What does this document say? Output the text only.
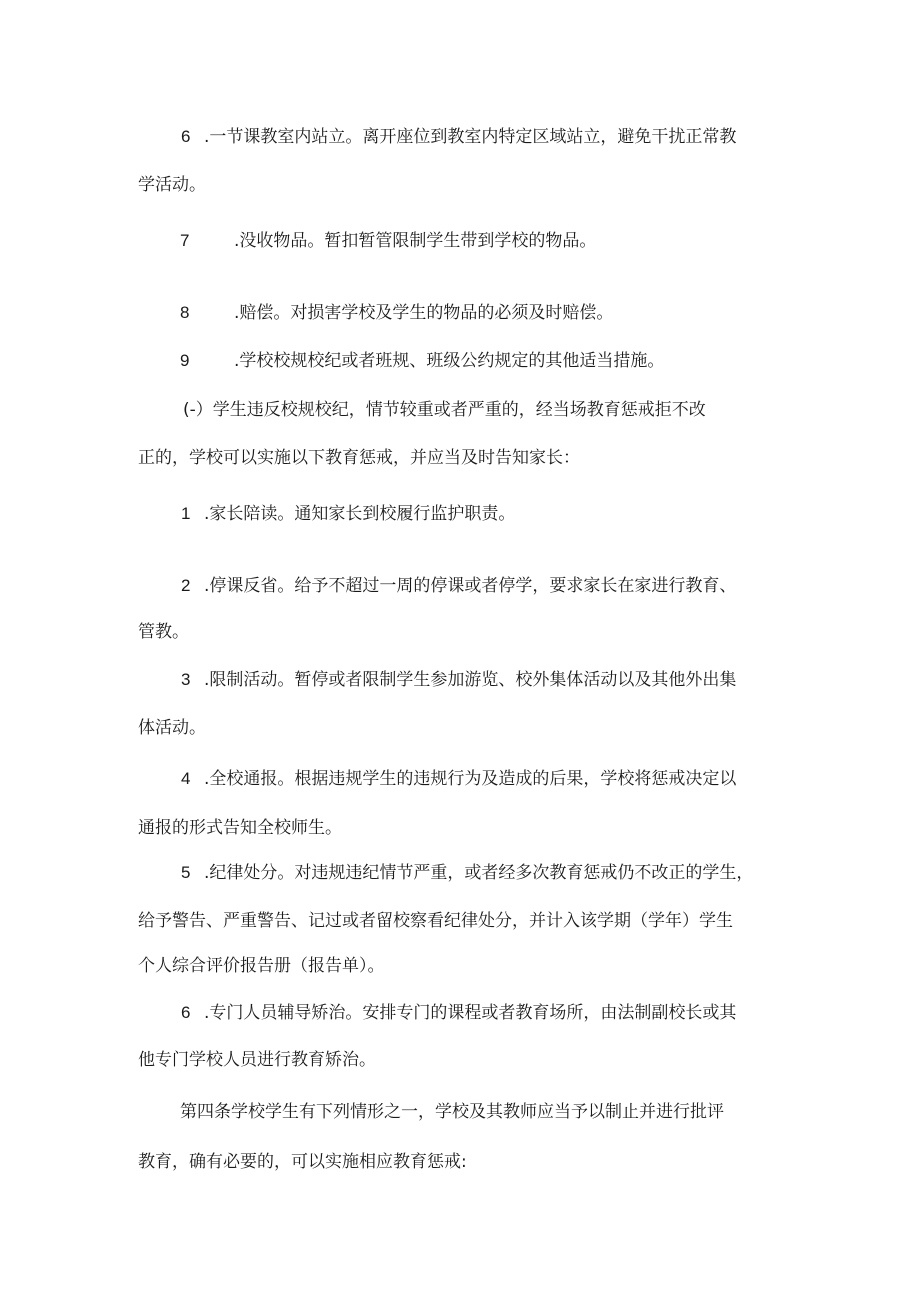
6 .一节课教室内站立。离开座位到教室内特定区域站立，避免干扰正常教
学活动。
7	.没收物品。暂扣暂管限制学生带到学校的物品。
8	.赔偿。对损害学校及学生的物品的必须及时赔偿。
9	.学校校规校纪或者班规、班级公约规定的其他适当措施。
(-）学生违反校规校纪，情节较重或者严重的，经当场教育惩戒拒不改
正的，学校可以实施以下教育惩戒，并应当及时告知家长：
1 .家长陪读。通知家长到校履行监护职责。
2 .停课反省。给予不超过一周的停课或者停学，要求家长在家进行教育、
管教。
3 .限制活动。暂停或者限制学生参加游览、校外集体活动以及其他外出集
体活动。
4 .全校通报。根据违规学生的违规行为及造成的后果，学校将惩戒决定以
通报的形式告知全校师生。
5 .纪律处分。对违规违纪情节严重，或者经多次教育惩戒仍不改正的学生，
给予警告、严重警告、记过或者留校察看纪律处分，并计入该学期（学年）学生
个人综合评价报告册（报告单）。
6 .专门人员辅导矫治。安排专门的课程或者教育场所，由法制副校长或其
他专门学校人员进行教育矫治。
第四条学校学生有下列情形之一，学校及其教师应当予以制止并进行批评
教育，确有必要的，可以实施相应教育惩戒:
